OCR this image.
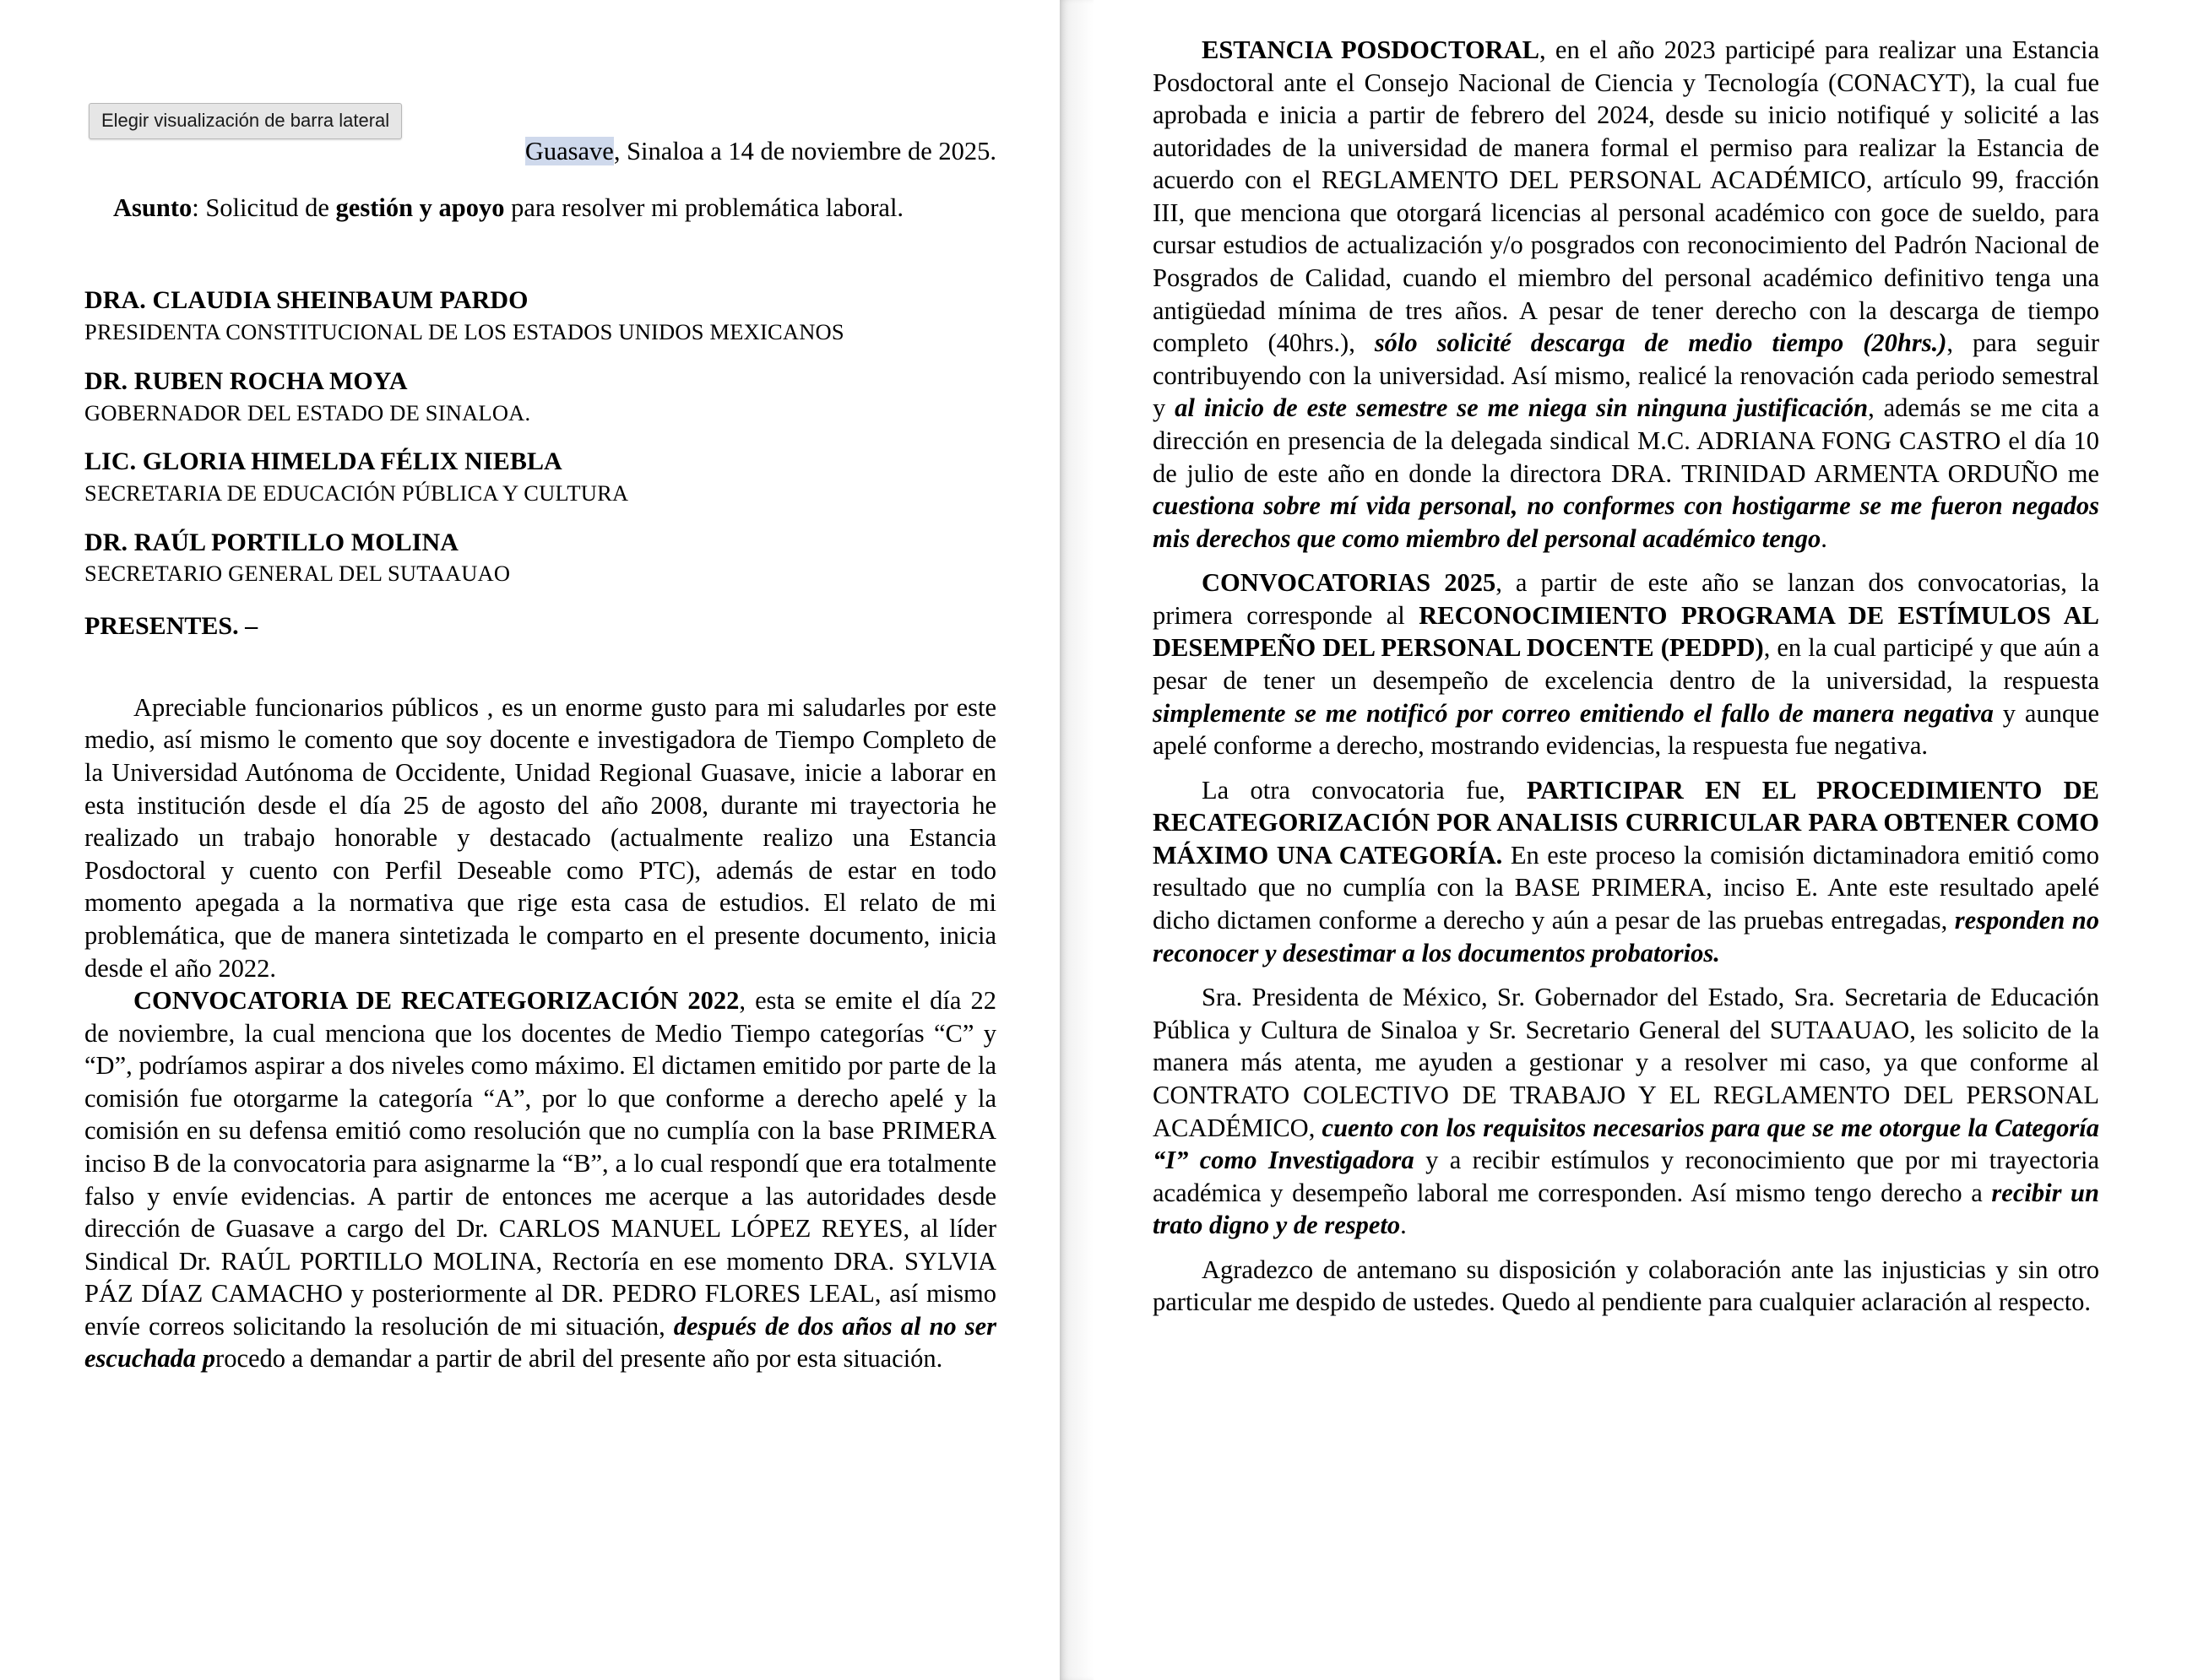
Elegir visualización de barra lateral

Guasave, Sinaloa a 14 de noviembre de 2025.

Asunto: Solicitud de gestión y apoyo para resolver mi problemática laboral.

DRA. CLAUDIA SHEINBAUM PARDO

PRESIDENTA CONSTITUCIONAL DE LOS ESTADOS UNIDOS MEXICANOS

DR. RUBEN ROCHA MOYA

GOBERNADOR DEL ESTADO DE SINALOA.

LIC. GLORIA HIMELDA FÉLIX NIEBLA

SECRETARIA DE EDUCACIÓN PÚBLICA Y CULTURA

DR. RAÚL PORTILLO MOLINA

SECRETARIO GENERAL DEL SUTAAUAO

PRESENTES. –

Apreciable funcionarios públicos , es un enorme gusto para mi saludarles por este medio, así mismo le comento que soy docente e investigadora de Tiempo Completo de la Universidad Autónoma de Occidente, Unidad Regional Guasave, inicie a laborar en esta institución desde el día 25 de agosto del año 2008, durante mi trayectoria he realizado un trabajo honorable y destacado (actualmente realizo una Estancia Posdoctoral y cuento con Perfil Deseable como PTC), además de estar en todo momento apegada a la normativa que rige esta casa de estudios. El relato de mi problemática, que de manera sintetizada le comparto en el presente documento, inicia desde el año 2022.

CONVOCATORIA DE RECATEGORIZACIÓN 2022, esta se emite el día 22 de noviembre, la cual menciona que los docentes de Medio Tiempo categorías “C” y “D”, podríamos aspirar a dos niveles como máximo. El dictamen emitido por parte de la comisión fue otorgarme la categoría “A”, por lo que conforme a derecho apelé y la comisión en su defensa emitió como resolución que no cumplía con la base PRIMERA inciso B de la convocatoria para asignarme la “B”, a lo cual respondí que era totalmente falso y envíe evidencias. A partir de entonces me acerque a las autoridades desde dirección de Guasave a cargo del Dr. CARLOS MANUEL LÓPEZ REYES, al líder Sindical Dr. RAÚL PORTILLO MOLINA, Rectoría en ese momento DRA. SYLVIA PÁZ DÍAZ CAMACHO y posteriormente al DR. PEDRO FLORES LEAL, así mismo envíe correos solicitando la resolución de mi situación, después de dos años al no ser escuchada procedo a demandar a partir de abril del presente año por esta situación.

ESTANCIA POSDOCTORAL, en el año 2023 participé para realizar una Estancia Posdoctoral ante el Consejo Nacional de Ciencia y Tecnología (CONACYT), la cual fue aprobada e inicia a partir de febrero del 2024, desde su inicio notifiqué y solicité a las autoridades de la universidad de manera formal el permiso para realizar la Estancia de acuerdo con el REGLAMENTO DEL PERSONAL ACADÉMICO, artículo 99, fracción III, que menciona que otorgará licencias al personal académico con goce de sueldo, para cursar estudios de actualización y/o posgrados con reconocimiento del Padrón Nacional de Posgrados de Calidad, cuando el miembro del personal académico definitivo tenga una antigüedad mínima de tres años. A pesar de tener derecho con la descarga de tiempo completo (40hrs.), sólo solicité descarga de medio tiempo (20hrs.), para seguir contribuyendo con la universidad. Así mismo, realicé la renovación cada periodo semestral y al inicio de este semestre se me niega sin ninguna justificación, además se me cita a dirección en presencia de la delegada sindical M.C. ADRIANA FONG CASTRO el día 10 de julio de este año en donde la directora DRA. TRINIDAD ARMENTA ORDUÑO me cuestiona sobre mí vida personal, no conformes con hostigarme se me fueron negados mis derechos que como miembro del personal académico tengo.

CONVOCATORIAS 2025, a partir de este año se lanzan dos convocatorias, la primera corresponde al RECONOCIMIENTO PROGRAMA DE ESTÍMULOS AL DESEMPEÑO DEL PERSONAL DOCENTE (PEDPD), en la cual participé y que aún a pesar de tener un desempeño de excelencia dentro de la universidad, la respuesta simplemente se me notificó por correo emitiendo el fallo de manera negativa y aunque apelé conforme a derecho, mostrando evidencias, la respuesta fue negativa.

La otra convocatoria fue, PARTICIPAR EN EL PROCEDIMIENTO DE RECATEGORIZACIÓN POR ANALISIS CURRICULAR PARA OBTENER COMO MÁXIMO UNA CATEGORÍA. En este proceso la comisión dictaminadora emitió como resultado que no cumplía con la BASE PRIMERA, inciso E. Ante este resultado apelé dicho dictamen conforme a derecho y aún a pesar de las pruebas entregadas, responden no reconocer y desestimar a los documentos probatorios.

Sra. Presidenta de México, Sr. Gobernador del Estado, Sra. Secretaria de Educación Pública y Cultura de Sinaloa y Sr. Secretario General del SUTAAUAO, les solicito de la manera más atenta, me ayuden a gestionar y a resolver mi caso, ya que conforme al CONTRATO COLECTIVO DE TRABAJO Y EL REGLAMENTO DEL PERSONAL ACADÉMICO, cuento con los requisitos necesarios para que se me otorgue la Categoría “I” como Investigadora y a recibir estímulos y reconocimiento que por mi trayectoria académica y desempeño laboral me corresponden. Así mismo tengo derecho a recibir un trato digno y de respeto.

Agradezco de antemano su disposición y colaboración ante las injusticias y sin otro particular me despido de ustedes. Quedo al pendiente para cualquier aclaración al respecto.
